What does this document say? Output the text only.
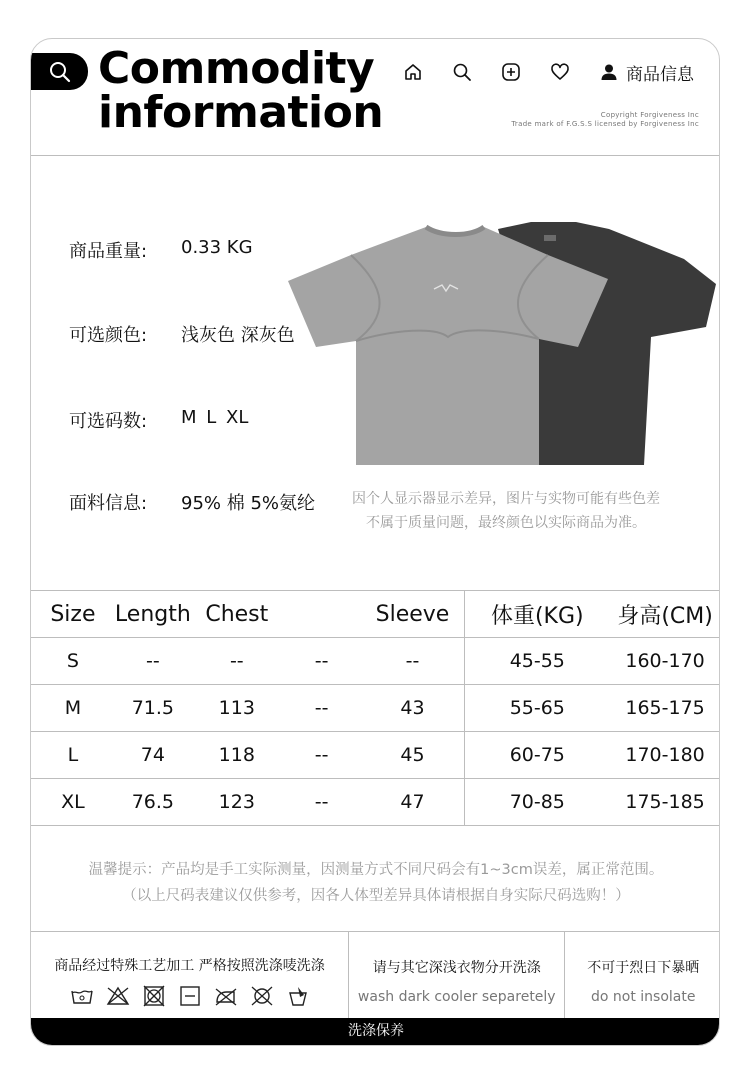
Commodity
information
商品信息
Copyright Forgiveness Inc
Trade mark of F.G.S.S licensed by Forgiveness Inc
商品重量:	0.33 KG
可选颜色:	浅灰色 深灰色
可选码数:	M L XL
面料信息:	95% 棉 5%氨纶	因个人显示器显示差异，图片与实物可能有些色差
不属于质量问题，最终颜色以实际商品为准。
Size	Length	Chest		Sleeve	体重(KG)	身高(CM)
S	--	--	--	--	45-55	160-170
M	71.5	113	--	43	55-65	165-175
L	74	118	--	45	60-75	170-180
XL	76.5	123	--	47	70-85	175-185
温馨提示：产品均是手工实际测量，因测量方式不同尺码会有1~3cm误差，属正常范围。
（以上尺码表建议仅供参考，因各人体型差异具体请根据自身实际尺码选购！）
商品经过特殊工艺加工 严格按照洗涤唛洗涤	请与其它深浅衣物分开洗涤
wash dark cooler separetely
不可于烈日下暴晒
do not insolate
洗涤保养
